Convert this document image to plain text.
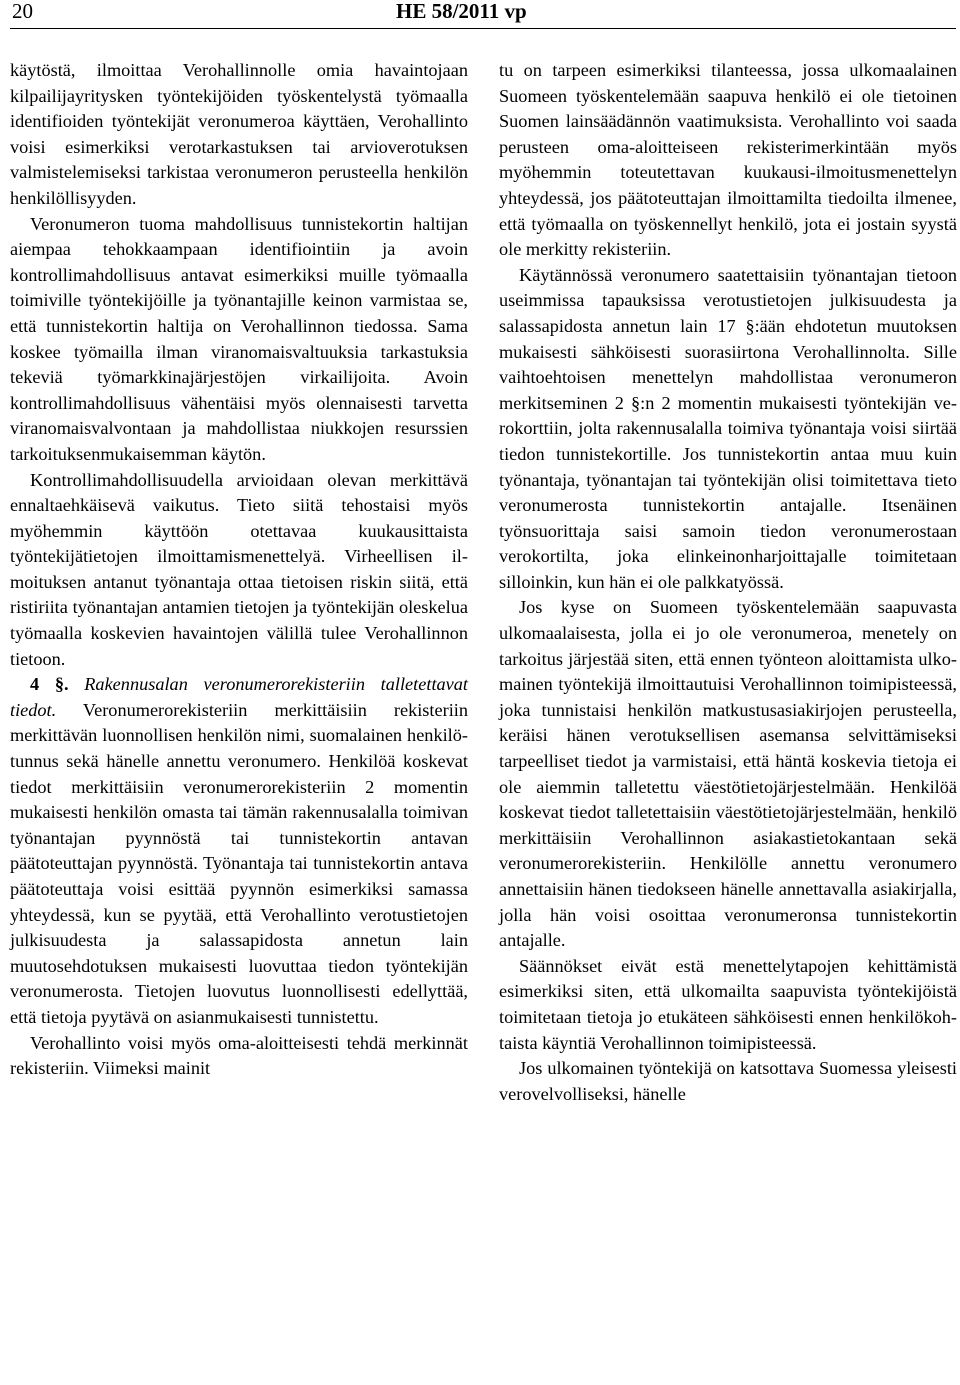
20	HE 58/2011 vp

käytöstä, ilmoittaa Verohallinnolle omia havaintojaan kilpailijayritysken työntekijöiden työskentelystä työmaalla identifioiden työntekijät veronumeroa käyttäen, Verohallinto voisi esimerkiksi verotarkastuksen tai arvioverotuksen valmistelemiseksi tarkistaa veronumeron perusteella henkilön henkilöllisyyden.

Veronumeron tuoma mahdollisuus tunnistekortin haltijan aiempaa tehokkaampaan identifiointiin ja avoin kontrollimahdollisuus antavat esimerkiksi muille työmaalla toimiville työntekijöille ja työnantajille keinon varmistaa se, että tunnistekortin haltija on Verohallinnon tiedossa. Sama koskee työmailla ilman viranomaisvaltuuksia tarkastuksia tekeviä työmarkkinajärjestöjen virkailijoita. Avoin kontrollimahdollisuus vähentäisi myös olennaisesti tarvetta viranomaisvalvontaan ja mahdollistaa niukkojen resurssien tarkoituksenmukaisemman käytön.

Kontrollimahdollisuudella arvioidaan olevan merkittävä ennaltaehkäisevä vaikutus. Tieto siitä tehostaisi myös myöhemmin käyttöön otettavaa kuukausittaista työntekijätietojen ilmoittamismenettelyä. Virheellisen ilmoituksen antanut työnantaja ottaa tietoisen riskin siitä, että ristiriita työnantajan antamien tietojen ja työntekijän oleskelua työmaalla koskevien havaintojen välillä tulee Verohallinnon tietoon.

4 §. Rakennusalan veronumerorekisteriin talletettavat tiedot. Veronumerorekisteriin merkittäisiin rekisteriin merkittävän luonnollisen henkilön nimi, suomalainen henkilötunnus sekä hänelle annettu veronumero. Henkilöä koskevat tiedot merkittäisiin veronumerorekisteriin 2 momentin mukaisesti henkilön omasta tai tämän rakennusalalla toimivan työnantajan pyynnöstä tai tunnistekortin antavan päätoteuttajan pyynnöstä. Työnantaja tai tunnistekortin antava päätoteuttaja voisi esittää pyynnön esimerkiksi samassa yhteydessä, kun se pyytää, että Verohallinto verotustietojen julkisuudesta ja salassapidosta annetun lain muutosehdotuksen mukaisesti luovuttaa tiedon työntekijän veronumerosta. Tietojen luovutus luonnollisesti edellyttää, että tietoja pyytävä on asianmukaisesti tunnistettu.

Verohallinto voisi myös oma-aloitteisesti tehdä merkinnät rekisteriin. Viimeksi mainit

tu on tarpeen esimerkiksi tilanteessa, jossa ulkomaalainen Suomeen työskentelemään saapuva henkilö ei ole tietoinen Suomen lainsäädännön vaatimuksista. Verohallinto voi saada perusteen oma-aloitteiseen rekisterimerkintään myös myöhemmin toteutettavan kuukausi-ilmoitusmenettelyn yhteydessä, jos päätoteuttajan ilmoittamilta tiedoilta ilmenee, että työmaalla on työskennellyt henkilö, jota ei jostain syystä ole merkitty rekisteriin.

Käytännössä veronumero saatettaisiin työnantajan tietoon useimmissa tapauksissa verotustietojen julkisuudesta ja salassapidosta annetun lain 17 §:ään ehdotetun muutoksen mukaisesti sähköisesti suorasiirtona Verohallinnolta. Sille vaihtoehtoisen menettelyn mahdollistaa veronumeron merkitseminen 2 §:n 2 momentin mukaisesti työntekijän verokorttiin, jolta rakennusalalla toimiva työnantaja voisi siirtää tiedon tunnistekortille. Jos tunnistekortin antaa muu kuin työnantaja, työnantajan tai työntekijän olisi toimitettava tieto veronumerosta tunnistekortin antajalle. Itsenäinen työnsuorittaja saisi samoin tiedon veronumerostaan verokortilta, joka elinkeinonharjoittajalle toimitetaan silloinkin, kun hän ei ole palkkatyössä.

Jos kyse on Suomeen työskentelemään saapuvasta ulkomaalaisesta, jolla ei jo ole veronumeroa, menetely on tarkoitus järjestää siten, että ennen työnteon aloittamista ulkomainen työntekijä ilmoittautuisi Verohallinnon toimipisteessä, joka tunnistaisi henkilön matkustusasiakirjojen perusteella, keräisi hänen verotuksellisen asemansa selvittämiseksi tarpeelliset tiedot ja varmistaisi, että häntä koskevia tietoja ei ole aiemmin talletettu väestötietojärjestelmään. Henkilöä koskevat tiedot talletettaisiin väestötietojärjestelmään, henkilö merkittäisiin Verohallinnon asiakastietokantaan sekä veronumerorekisteriin. Henkilölle annettu veronumero annettaisiin hänen tiedokseen hänelle annettavalla asiakirjalla, jolla hän voisi osoittaa veronumeronsa tunnistekortin antajalle.

Säännökset eivät estä menettelytapojen kehittämistä esimerkiksi siten, että ulkomailta saapuvista työntekijöistä toimitetaan tietoja jo etukäteen sähköisesti ennen henkilökohtaista käyntiä Verohallinnon toimipisteessä.

Jos ulkomainen työntekijä on katsottava Suomessa yleisesti verovelvolliseksi, hänelle
